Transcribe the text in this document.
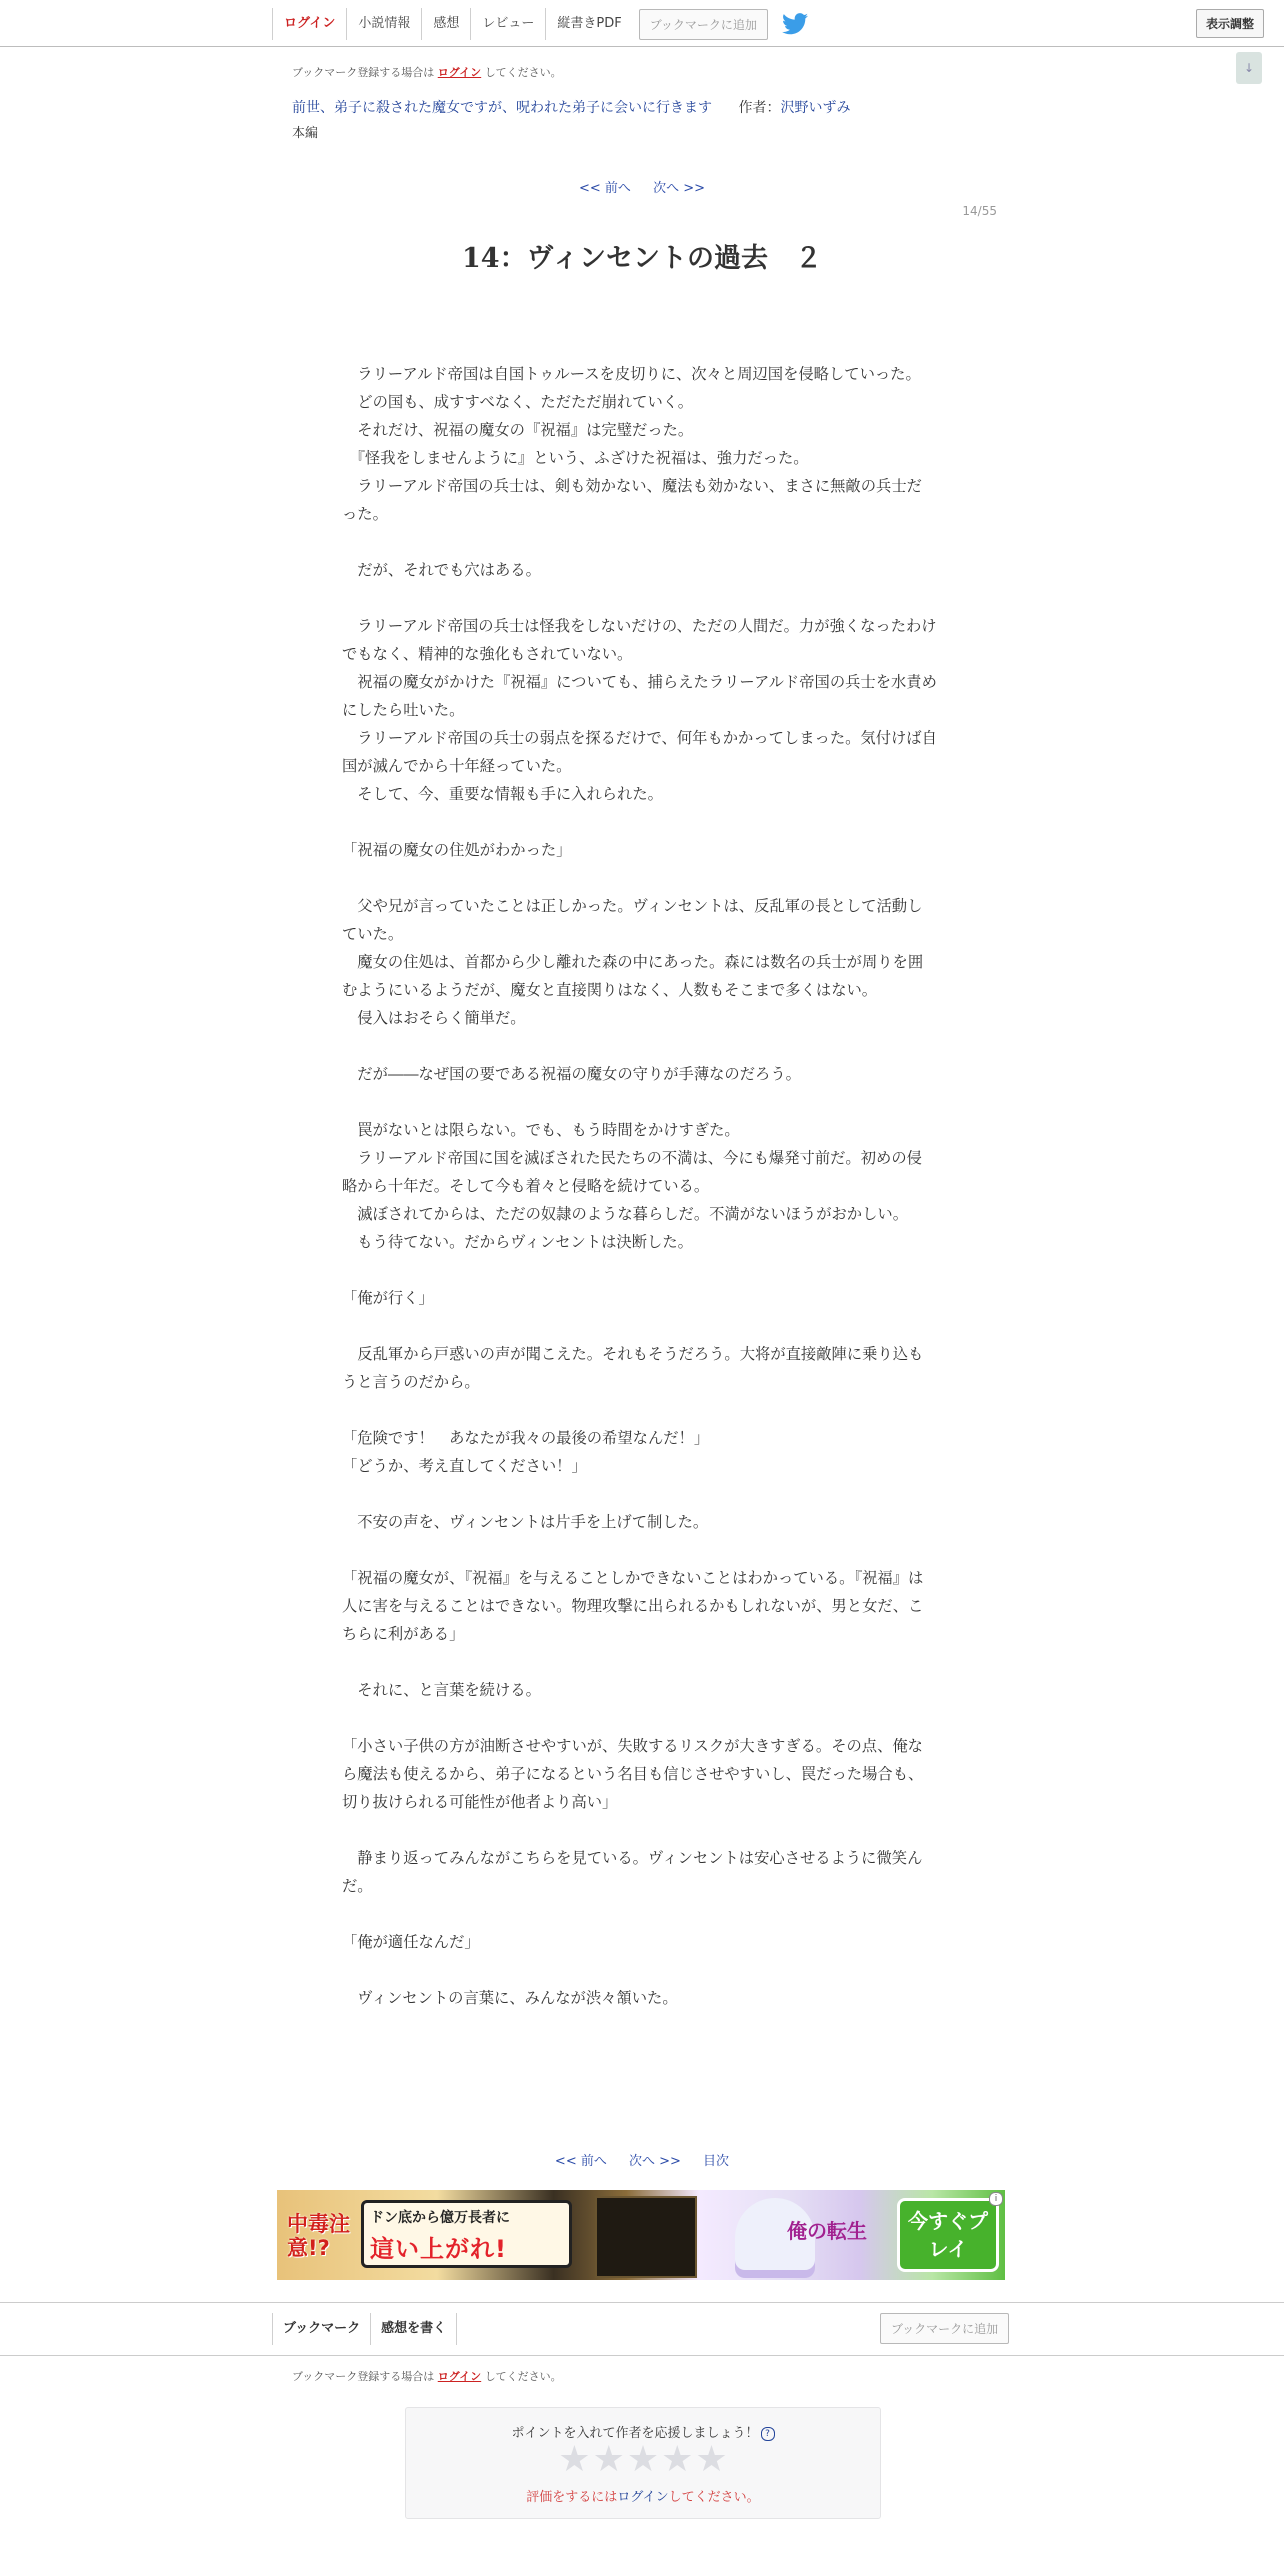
ログイン	小説情報	感想	レビュー	縦書きPDF	ブックマークに追加	表示調整
↓
ブックマーク登録する場合は ログイン してください。
前世、弟子に殺された魔女ですが、呪われた弟子に会いに行きます 作者：沢野いずみ
本編
<< 前へ 次へ >>
14/55
14：ヴィンセントの過去　２

　ラリーアルド帝国は自国トゥルースを皮切りに、次々と周辺国を侵略していった。

　どの国も、成すすべなく、ただただ崩れていく。

　それだけ、祝福の魔女の『祝福』は完璧だった。

　『怪我をしませんように』という、ふざけた祝福は、強力だった。

　ラリーアルド帝国の兵士は、剣も効かない、魔法も効かない、まさに無敵の兵士だった。

　だが、それでも穴はある。

　ラリーアルド帝国の兵士は怪我をしないだけの、ただの人間だ。力が強くなったわけでもなく、精神的な強化もされていない。

　祝福の魔女がかけた『祝福』についても、捕らえたラリーアルド帝国の兵士を水責めにしたら吐いた。

　ラリーアルド帝国の兵士の弱点を探るだけで、何年もかかってしまった。気付けば自国が滅んでから十年経っていた。

　そして、今、重要な情報も手に入れられた。

「祝福の魔女の住処がわかった」

　父や兄が言っていたことは正しかった。ヴィンセントは、反乱軍の長として活動していた。

　魔女の住処は、首都から少し離れた森の中にあった。森には数名の兵士が周りを囲むようにいるようだが、魔女と直接関りはなく、人数もそこまで多くはない。

　侵入はおそらく簡単だ。

　だが――なぜ国の要である祝福の魔女の守りが手薄なのだろう。

　罠がないとは限らない。でも、もう時間をかけすぎた。

　ラリーアルド帝国に国を滅ぼされた民たちの不満は、今にも爆発寸前だ。初めの侵略から十年だ。そして今も着々と侵略を続けている。

　滅ぼされてからは、ただの奴隷のような暮らしだ。不満がないほうがおかしい。

　もう待てない。だからヴィンセントは決断した。

「俺が行く」

　反乱軍から戸惑いの声が聞こえた。それもそうだろう。大将が直接敵陣に乗り込もうと言うのだから。

「危険です！　あなたが我々の最後の希望なんだ！」

「どうか、考え直してください！」

　不安の声を、ヴィンセントは片手を上げて制した。

「祝福の魔女が、『祝福』を与えることしかできないことはわかっている。『祝福』は人に害を与えることはできない。物理攻撃に出られるかもしれないが、男と女だ、こちらに利がある」

　それに、と言葉を続ける。

「小さい子供の方が油断させやすいが、失敗するリスクが大きすぎる。その点、俺なら魔法も使えるから、弟子になるという名目も信じさせやすいし、罠だった場合も、切り抜けられる可能性が他者より高い」

　静まり返ってみんながこちらを見ている。ヴィンセントは安心させるように微笑んだ。

「俺が適任なんだ」

　ヴィンセントの言葉に、みんなが渋々頷いた。

<< 前へ 次へ >> 目次
中毒注意!?
ドン底から億万長者に
這い上がれ!
俺の転生	今すぐプレイ
i
ブックマーク	感想を書く	ブックマークに追加
ブックマーク登録する場合は ログイン してください。
ポイントを入れて作者を応援しましょう！ ?
★★★★★
評価をするにはログインしてください。
